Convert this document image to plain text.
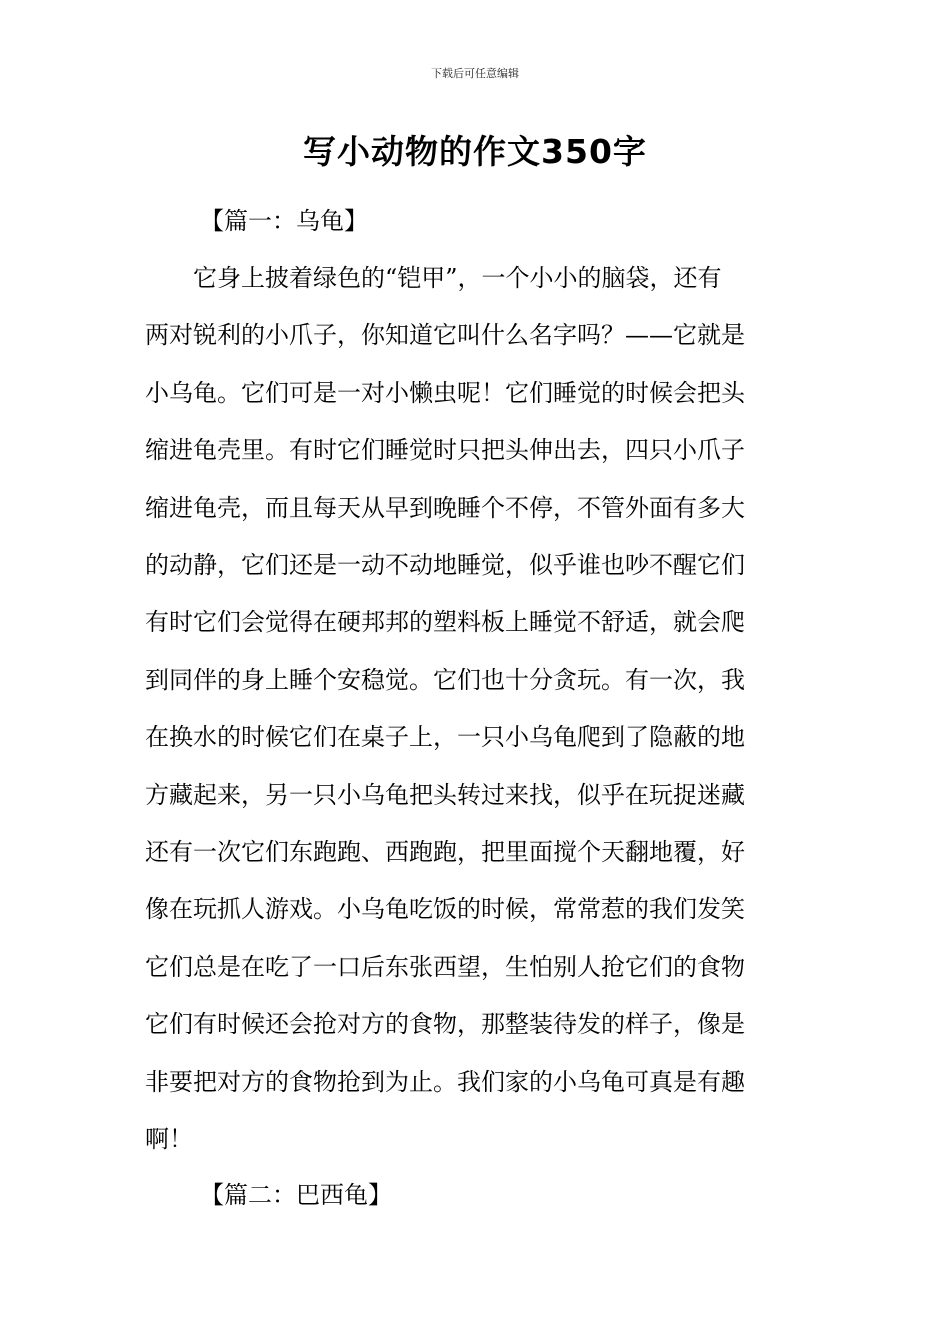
下载后可任意编辑
写小动物的作文350字
【篇一：乌龟】
　　它身上披着绿色的“铠甲”，一个小小的脑袋，还有
两对锐利的小爪子，你知道它叫什么名字吗？——它就是
小乌龟。它们可是一对小懒虫呢！它们睡觉的时候会把头
缩进龟壳里。有时它们睡觉时只把头伸出去，四只小爪子
缩进龟壳，而且每天从早到晚睡个不停，不管外面有多大
的动静，它们还是一动不动地睡觉，似乎谁也吵不醒它们
有时它们会觉得在硬邦邦的塑料板上睡觉不舒适，就会爬
到同伴的身上睡个安稳觉。它们也十分贪玩。有一次，我
在换水的时候它们在桌子上，一只小乌龟爬到了隐蔽的地
方藏起来，另一只小乌龟把头转过来找，似乎在玩捉迷藏
还有一次它们东跑跑、西跑跑，把里面搅个天翻地覆，好
像在玩抓人游戏。小乌龟吃饭的时候，常常惹的我们发笑
它们总是在吃了一口后东张西望，生怕别人抢它们的食物
它们有时候还会抢对方的食物，那整装待发的样子，像是
非要把对方的食物抢到为止。我们家的小乌龟可真是有趣
啊！
【篇二：巴西龟】
